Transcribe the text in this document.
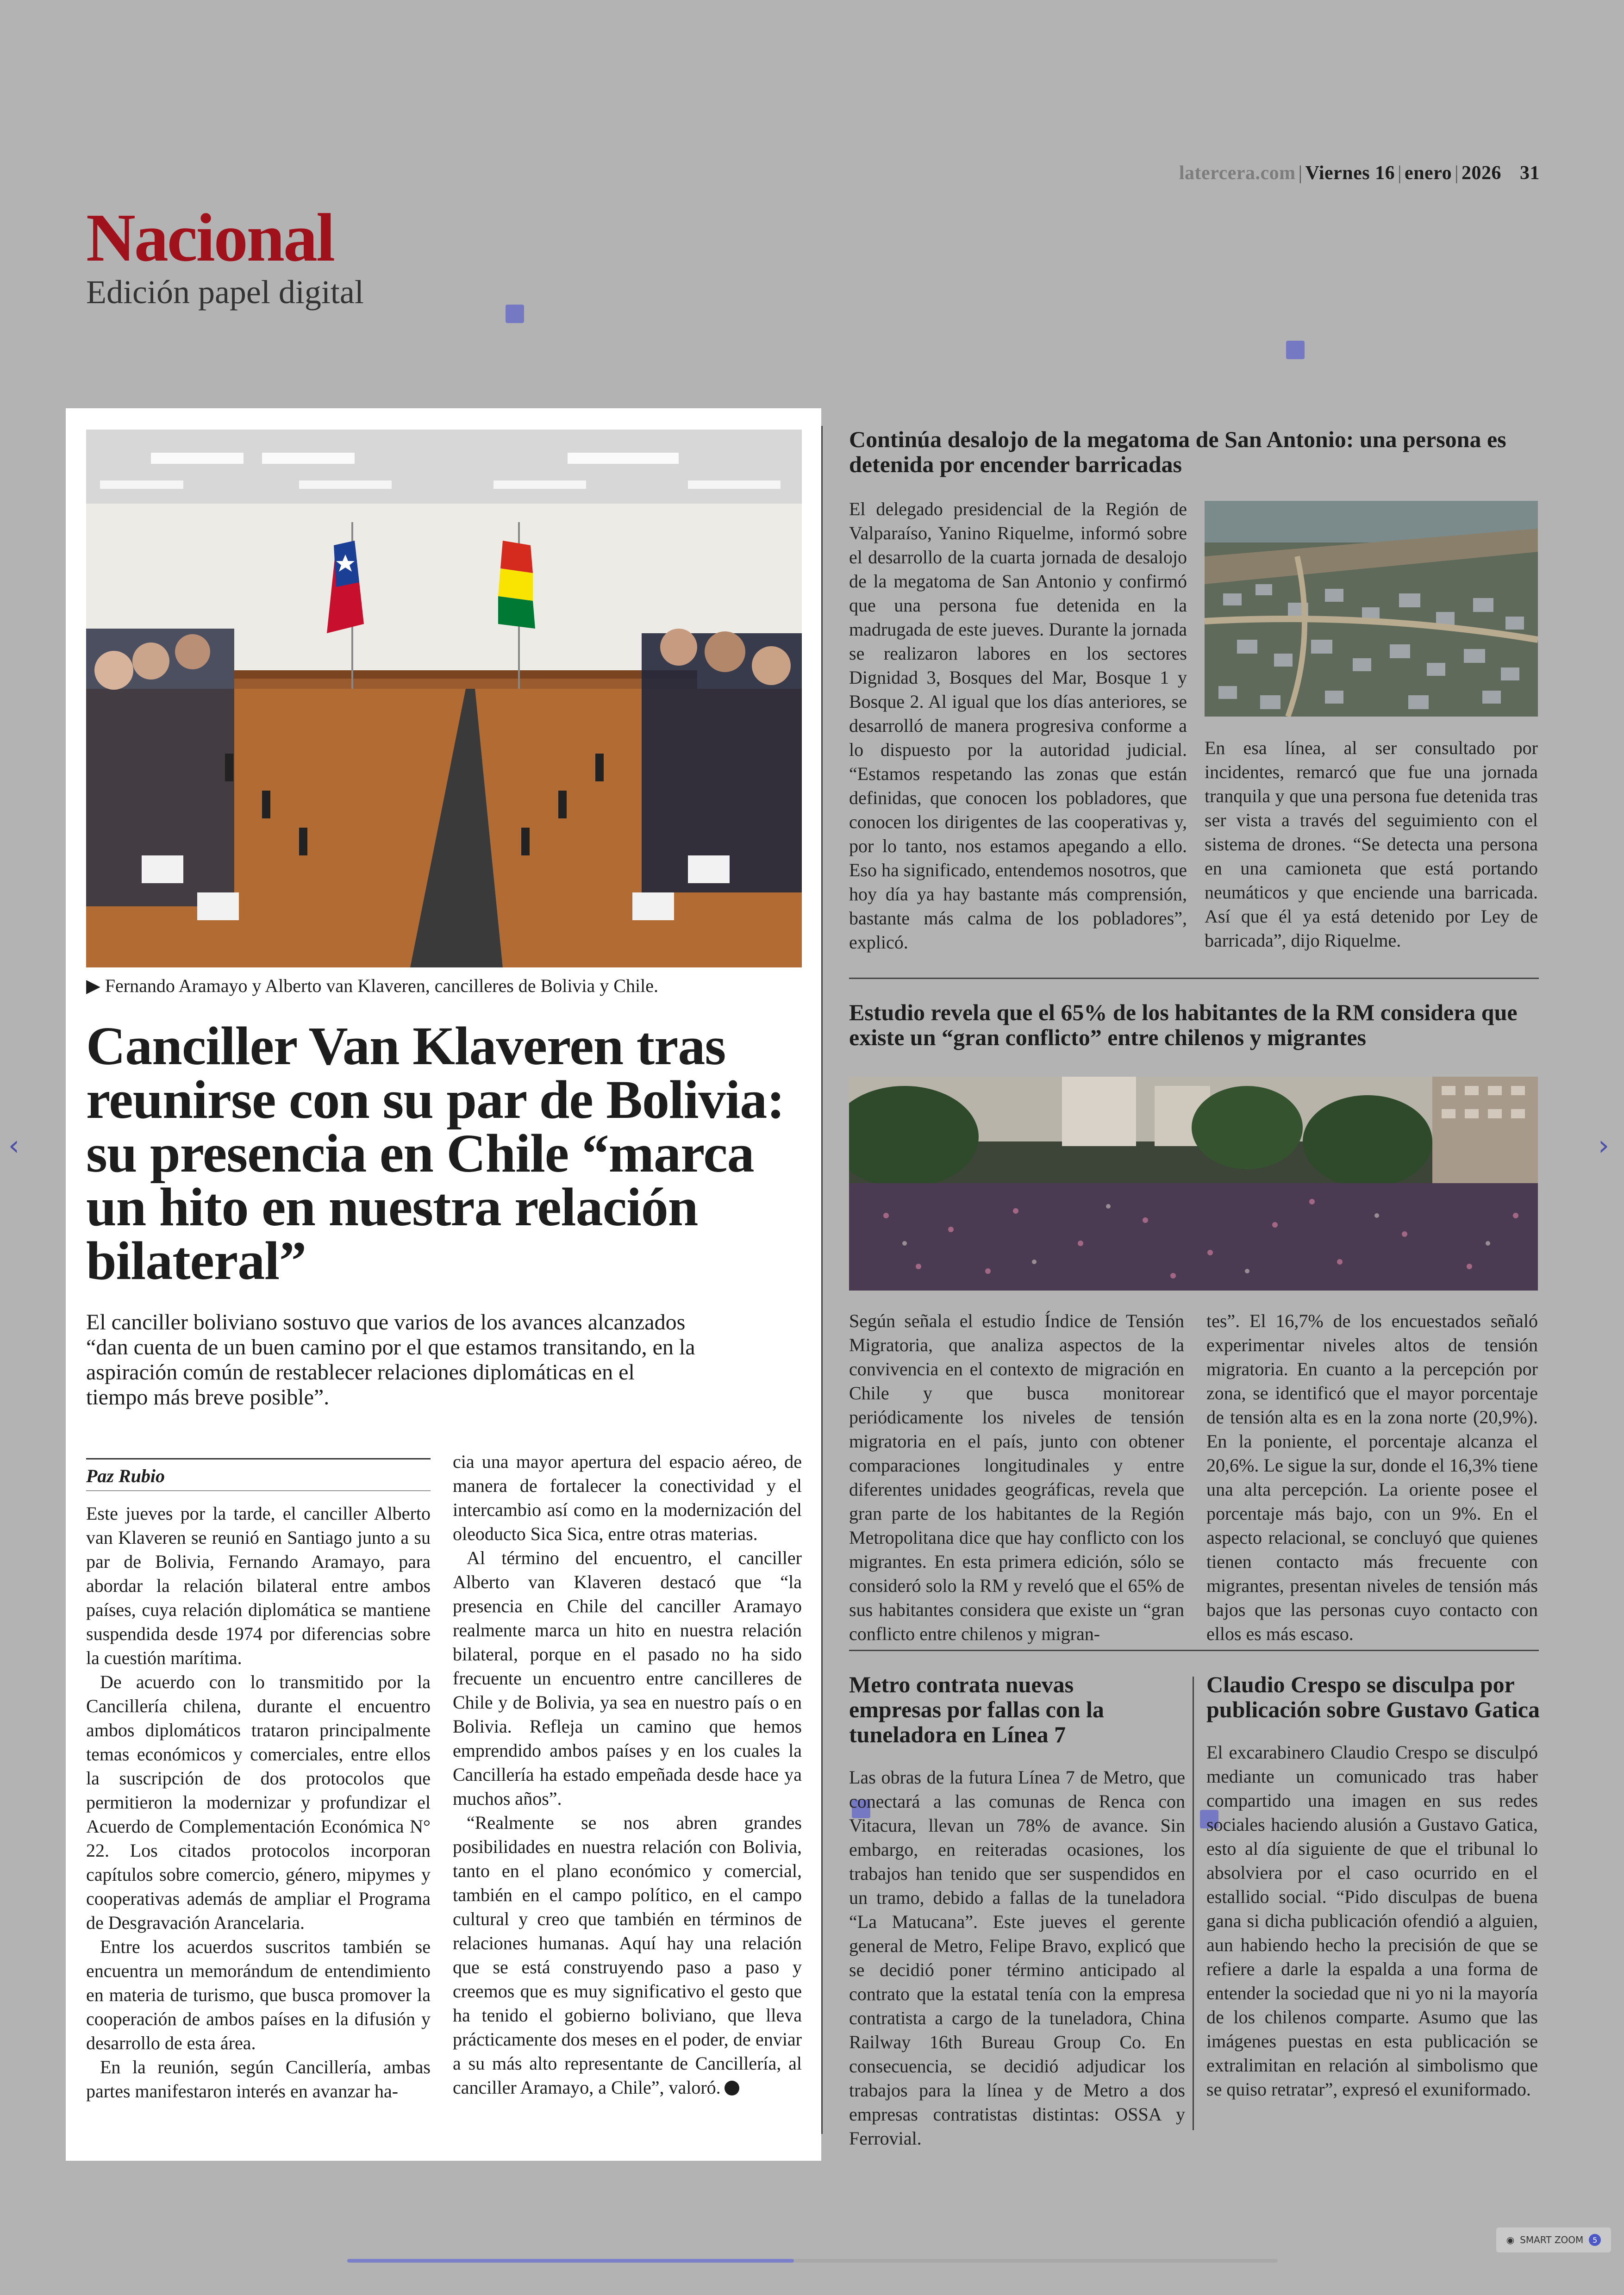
latercera.com | Viernes 16 | enero | 2026 31
Nacional
Edición papel digital
‹	›
▶ Fernando Aramayo y Alberto van Klaveren, cancilleres de Bolivia y Chile.
Canciller Van Klaveren tras reunirse con su par de Bolivia: su presencia en Chile “marca un hito en nuestra relación bilateral”

El canciller boliviano sostuvo que varios de los avances alcanzados “dan cuenta de un buen camino por el que estamos transitando, en la aspiración común de restablecer relaciones diplomáticas en el tiempo más breve posible”.

Paz Rubio

Este jueves por la tarde, el canciller Alberto van Klaveren se reunió en Santiago junto a su par de Bolivia, Fernando Aramayo, para abordar la relación bilateral entre ambos países, cuya relación diplomática se mantiene suspendida desde 1974 por diferencias sobre la cuestión marítima.

De acuerdo con lo transmitido por la Cancillería chilena, durante el encuentro ambos diplomáticos trataron principalmente temas económicos y comerciales, entre ellos la suscripción de dos protocolos que permitieron la modernizar y profundizar el Acuerdo de Complementación Económica N° 22. Los citados protocolos incorporan capítulos sobre comercio, género, mipymes y cooperativas además de ampliar el Programa de Desgravación Arancelaria.

Entre los acuerdos suscritos también se encuentra un memorándum de entendimiento en materia de turismo, que busca promover la cooperación de ambos países en la difusión y desarrollo de esta área.

En la reunión, según Cancillería, ambas partes manifestaron interés en avanzar ha-

cia una mayor apertura del espacio aéreo, de manera de fortalecer la conectividad y el intercambio así como en la modernización del oleoducto Sica Sica, entre otras materias.

Al término del encuentro, el canciller Alberto van Klaveren destacó que “la presencia en Chile del canciller Aramayo realmente marca un hito en nuestra relación bilateral, porque en el pasado no ha sido frecuente un encuentro entre cancilleres de Chile y de Bolivia, ya sea en nuestro país o en Bolivia. Refleja un camino que hemos emprendido ambos países y en los cuales la Cancillería ha estado empeñada desde hace ya muchos años”.

“Realmente se nos abren grandes posibilidades en nuestra relación con Bolivia, tanto en el plano económico y comercial, también en el campo político, en el campo cultural y creo que también en términos de relaciones humanas. Aquí hay una relación que se está construyendo paso a paso y creemos que es muy significativo el gesto que ha tenido el gobierno boliviano, que lleva prácticamente dos meses en el poder, de enviar a su más alto representante de Cancillería, al canciller Aramayo, a Chile”, valoró.

Continúa desalojo de la megatoma de San Antonio: una persona es detenida por encender barricadas
El delegado presidencial de la Región de Valparaíso, Yanino Riquelme, informó sobre el desarrollo de la cuarta jornada de desalojo de la megatoma de San Antonio y confirmó que una persona fue detenida en la madrugada de este jueves. Durante la jornada se realizaron labores en los sectores Dignidad 3, Bosques del Mar, Bosque 1 y Bosque 2. Al igual que los días anteriores, se desarrolló de manera progresiva conforme a lo dispuesto por la autoridad judicial. “Estamos respetando las zonas que están definidas, que conocen los pobladores, que conocen los dirigentes de las cooperativas y, por lo tanto, nos estamos apegando a ello. Eso ha significado, entendemos nosotros, que hoy día ya hay bastante más comprensión, bastante más calma de los pobladores”, explicó.
En esa línea, al ser consultado por incidentes, remarcó que fue una jornada tranquila y que una persona fue detenida tras ser vista a través del seguimiento con el sistema de drones. “Se detecta una persona en una camioneta que está portando neumáticos y que enciende una barricada. Así que él ya está detenido por Ley de barricada”, dijo Riquelme.
Estudio revela que el 65% de los habitantes de la RM considera que existe un “gran conflicto” entre chilenos y migrantes
Según señala el estudio Índice de Tensión Migratoria, que analiza aspectos de la convivencia en el contexto de migración en Chile y que busca monitorear periódicamente los niveles de tensión migratoria en el país, junto con obtener comparaciones longitudinales y entre diferentes unidades geográficas, revela que gran parte de los habitantes de la Región Metropolitana dice que hay conflicto con los migrantes. En esta primera edición, sólo se consideró solo la RM y reveló que el 65% de sus habitantes considera que existe un “gran conflicto entre chilenos y migran-
tes”. El 16,7% de los encuestados señaló experimentar niveles altos de tensión migratoria. En cuanto a la percepción por zona, se identificó que el mayor porcentaje de tensión alta es en la zona norte (20,9%). En la poniente, el porcentaje alcanza el 20,6%. Le sigue la sur, donde el 16,3% tiene una alta percepción. La oriente posee el porcentaje más bajo, con un 9%. En el aspecto relacional, se concluyó que quienes tienen contacto más frecuente con migrantes, presentan niveles de tensión más bajos que las personas cuyo contacto con ellos es más escaso.
Metro contrata nuevas empresas por fallas con la tuneladora en Línea 7
Las obras de la futura Línea 7 de Metro, que conectará a las comunas de Renca con Vitacura, llevan un 78% de avance. Sin embargo, en reiteradas ocasiones, los trabajos han tenido que ser suspendidos en un tramo, debido a fallas de la tuneladora “La Matucana”. Este jueves el gerente general de Metro, Felipe Bravo, explicó que se decidió poner término anticipado al contrato que la estatal tenía con la empresa contratista a cargo de la tuneladora, China Railway 16th Bureau Group Co. En consecuencia, se decidió adjudicar los trabajos para la línea y de Metro a dos empresas contratistas distintas: OSSA y Ferrovial.
Claudio Crespo se disculpa por publicación sobre Gustavo Gatica
El excarabinero Claudio Crespo se disculpó mediante un comunicado tras haber compartido una imagen en sus redes sociales haciendo alusión a Gustavo Gatica, esto al día siguiente de que el tribunal lo absolviera por el caso ocurrido en el estallido social. “Pido disculpas de buena gana si dicha publicación ofendió a alguien, aun habiendo hecho la precisión de que se refiere a darle la espalda a una forma de entender la sociedad que ni yo ni la mayoría de los chilenos comparte. Asumo que las imágenes puestas en esta publicación se extralimitan en relación al simbolismo que se quiso retratar”, expresó el exuniformado.
◉ SMART ZOOM	5
